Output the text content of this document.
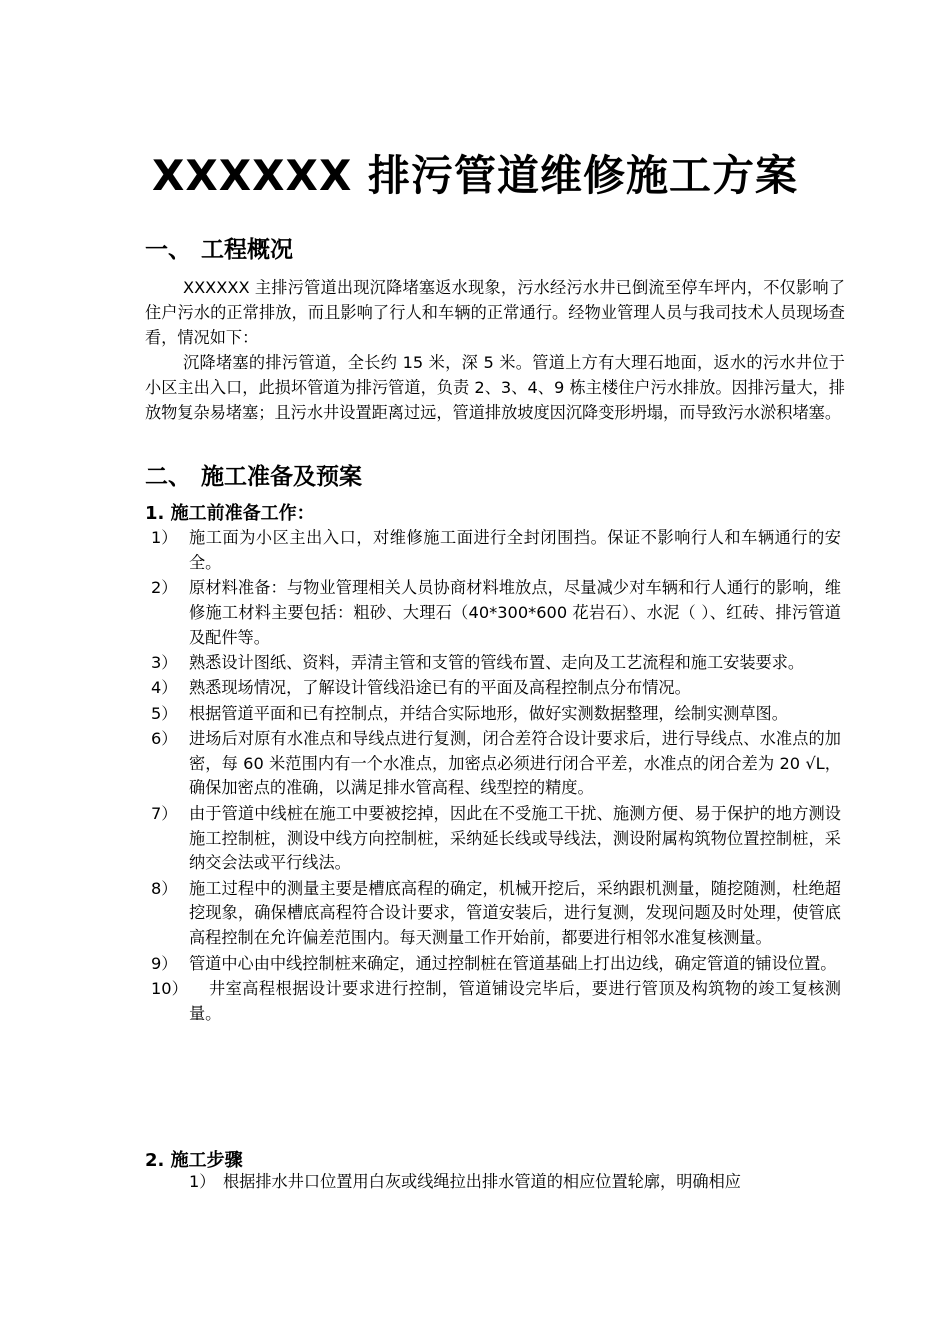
XXXXXX 排污管道维修施工方案
一、 工程概况

XXXXXX 主排污管道出现沉降堵塞返水现象，污水经污水井已倒流至停车坪内，不仅影响了住户污水的正常排放，而且影响了行人和车辆的正常通行。经物业管理人员与我司技术人员现场查看，情况如下：

沉降堵塞的排污管道，全长约 15 米，深 5 米。管道上方有大理石地面，返水的污水井位于小区主出入口，此损坏管道为排污管道，负责 2、3、4、9 栋主楼住户污水排放。因排污量大，排放物复杂易堵塞；且污水井设置距离过远，管道排放坡度因沉降变形坍塌，而导致污水淤积堵塞。

二、 施工准备及预案
1. 施工前准备工作：
1） 施工面为小区主出入口，对维修施工面进行全封闭围挡。保证不影响行人和车辆通行的安全。
2） 原材料准备：与物业管理相关人员协商材料堆放点，尽量减少对车辆和行人通行的影响，维修施工材料主要包括：粗砂、大理石（40*300*600 花岩石）、水泥（ ）、红砖、排污管道及配件等。
3） 熟悉设计图纸、资料，弄清主管和支管的管线布置、走向及工艺流程和施工安装要求。
4） 熟悉现场情况，了解设计管线沿途已有的平面及高程控制点分布情况。
5） 根据管道平面和已有控制点，并结合实际地形，做好实测数据整理，绘制实测草图。
6） 进场后对原有水准点和导线点进行复测，闭合差符合设计要求后，进行导线点、水准点的加密，每 60 米范围内有一个水准点，加密点必须进行闭合平差，水准点的闭合差为 20 √L，确保加密点的准确，以满足排水管高程、线型控的精度。
7） 由于管道中线桩在施工中要被挖掉，因此在不受施工干扰、施测方便、易于保护的地方测设施工控制桩，测设中线方向控制桩，采纳延长线或导线法，测设附属构筑物位置控制桩，采纳交会法或平行线法。
8） 施工过程中的测量主要是槽底高程的确定，机械开挖后，采纳跟机测量，随挖随测，杜绝超挖现象，确保槽底高程符合设计要求，管道安装后，进行复测，发现问题及时处理，使管底高程控制在允许偏差范围内。每天测量工作开始前，都要进行相邻水准复核测量。
9） 管道中心由中线控制桩来确定，通过控制桩在管道基础上打出边线，确定管道的铺设位置。
10）	井室高程根据设计要求进行控制，管道铺设完毕后，要进行管顶及构筑物的竣工复核测量。
2. 施工步骤

1） 根据排水井口位置用白灰或线绳拉出排水管道的相应位置轮廓，明确相应
